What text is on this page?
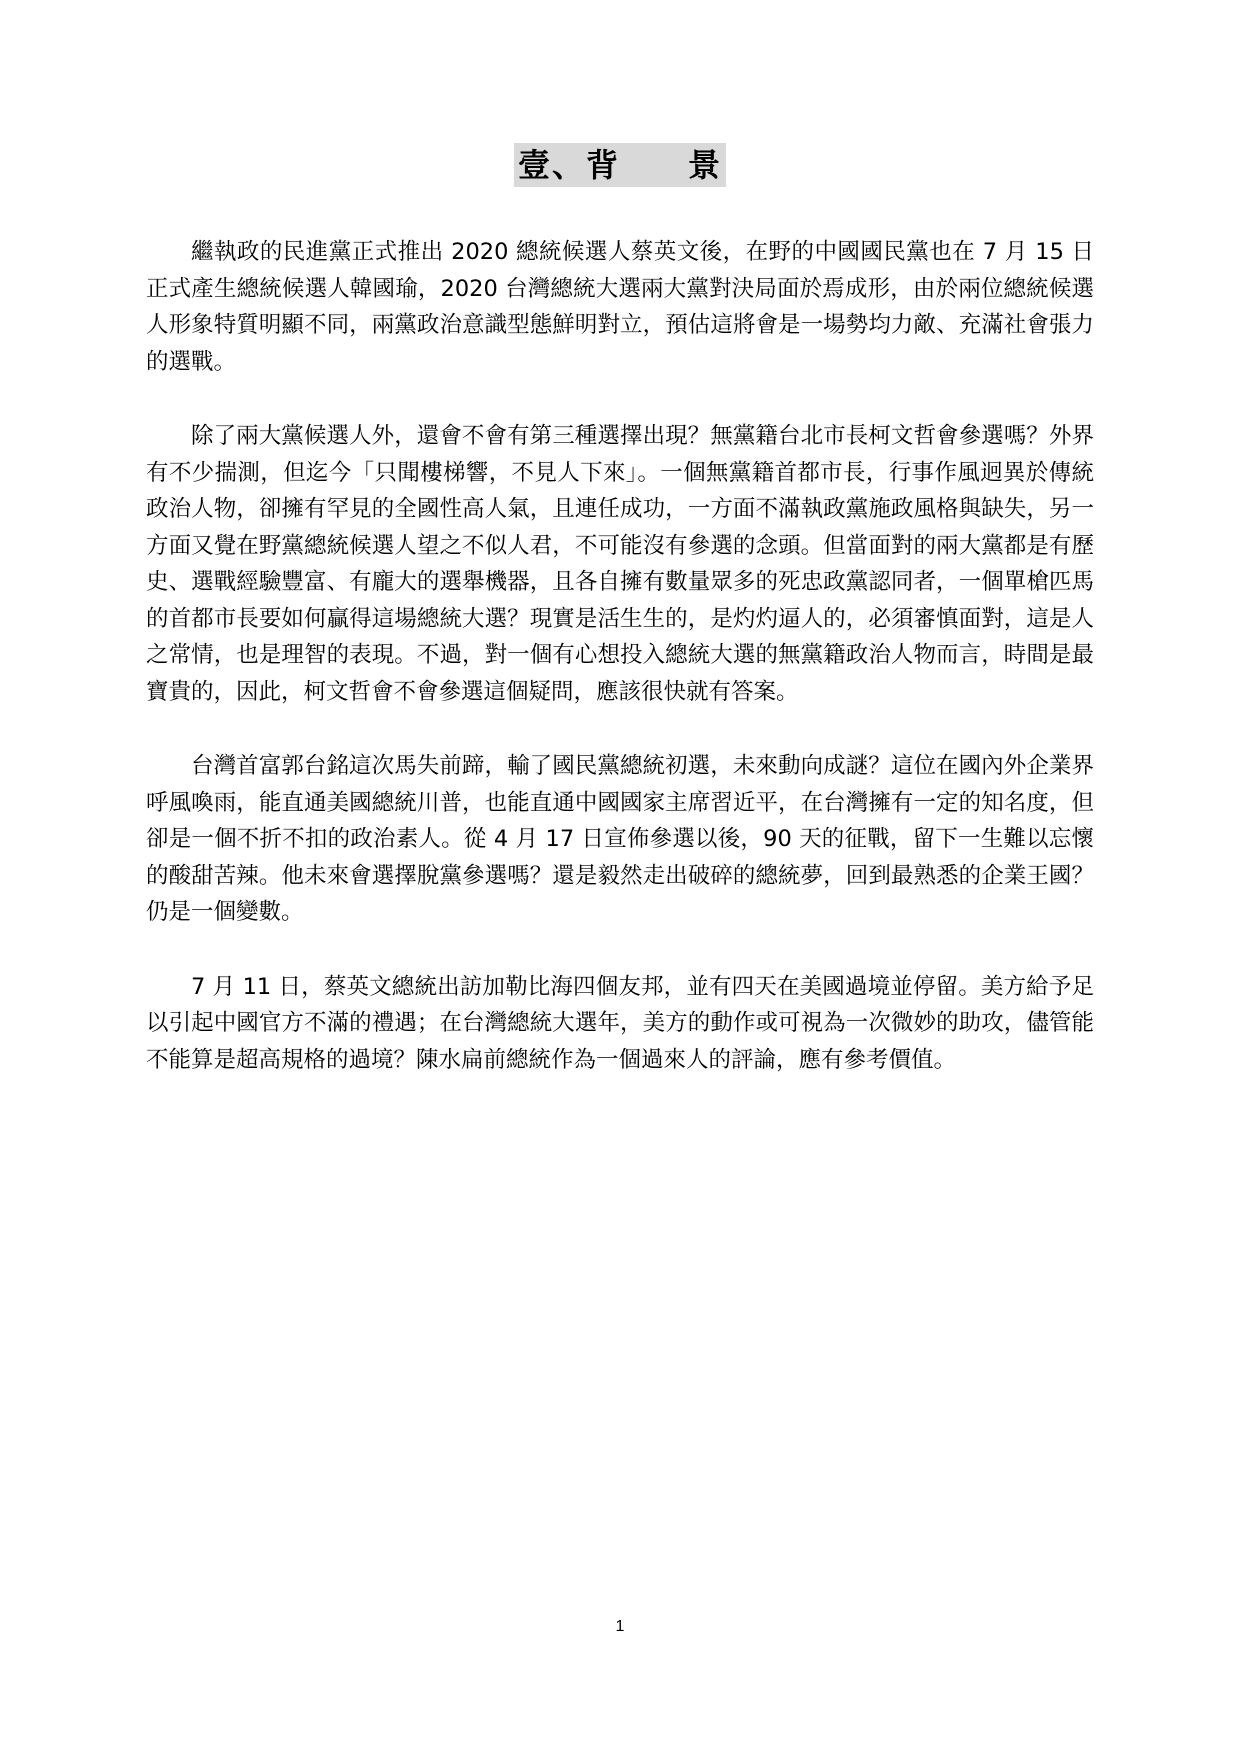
壹、背　　景

繼執政的民進黨正式推出 2020 總統候選人蔡英文後，在野的中國國民黨也在 7 月 15 日正式產生總統候選人韓國瑜，2020 台灣總統大選兩大黨對決局面於焉成形，由於兩位總統候選人形象特質明顯不同，兩黨政治意識型態鮮明對立，預估這將會是一場勢均力敵、充滿社會張力的選戰。

除了兩大黨候選人外，還會不會有第三種選擇出現？無黨籍台北市長柯文哲會參選嗎？外界有不少揣測，但迄今「只聞樓梯響，不見人下來」。一個無黨籍首都市長，行事作風迥異於傳統政治人物，卻擁有罕見的全國性高人氣，且連任成功，一方面不滿執政黨施政風格與缺失，另一方面又覺在野黨總統候選人望之不似人君，不可能沒有參選的念頭。但當面對的兩大黨都是有歷史、選戰經驗豐富、有龐大的選舉機器，且各自擁有數量眾多的死忠政黨認同者，一個單槍匹馬的首都市長要如何贏得這場總統大選？現實是活生生的，是灼灼逼人的，必須審慎面對，這是人之常情，也是理智的表現。不過，對一個有心想投入總統大選的無黨籍政治人物而言，時間是最寶貴的，因此，柯文哲會不會參選這個疑問，應該很快就有答案。

台灣首富郭台銘這次馬失前蹄，輸了國民黨總統初選，未來動向成謎？這位在國內外企業界呼風喚雨，能直通美國總統川普，也能直通中國國家主席習近平，在台灣擁有一定的知名度，但卻是一個不折不扣的政治素人。從 4 月 17 日宣佈參選以後，90 天的征戰，留下一生難以忘懷的酸甜苦辣。他未來會選擇脫黨參選嗎？還是毅然走出破碎的總統夢，回到最熟悉的企業王國？仍是一個變數。

7 月 11 日，蔡英文總統出訪加勒比海四個友邦，並有四天在美國過境並停留。美方給予足以引起中國官方不滿的禮遇；在台灣總統大選年，美方的動作或可視為一次微妙的助攻，儘管能不能算是超高規格的過境？陳水扁前總統作為一個過來人的評論，應有參考價值。

1
